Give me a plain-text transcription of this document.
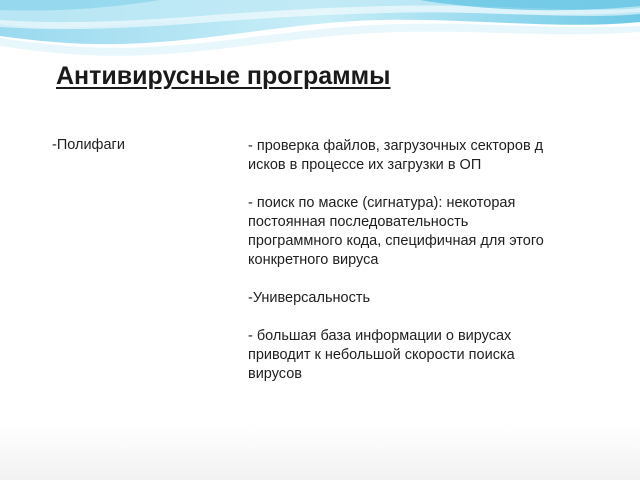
Антивирусные программы
-Полифаги	- проверка файлов, загрузочных секторов д
исков в процессе их загрузки в ОП
- поиск по маске (сигнатура): некоторая
постоянная последовательность
программного кода, специфичная для этого
конкретного вируса
-Универсальность
- большая база информации о вирусах
приводит к небольшой скорости поиска
вирусов
